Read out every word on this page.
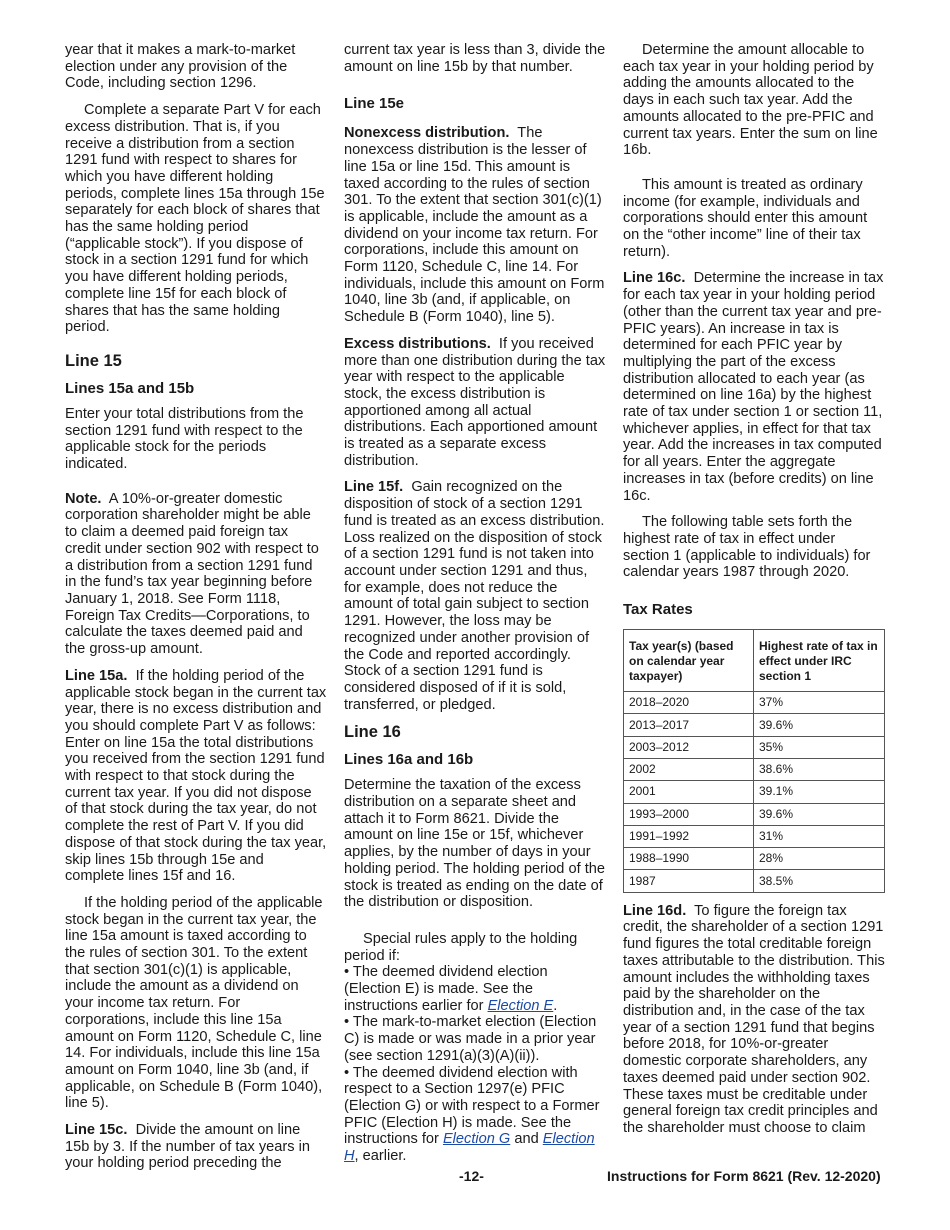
year that it makes a mark-to-market election under any provision of the Code, including section 1296.

Complete a separate Part V for each excess distribution. That is, if you receive a distribution from a section 1291 fund with respect to shares for which you have different holding periods, complete lines 15a through 15e separately for each block of shares that has the same holding period (“applicable stock”). If you dispose of stock in a section 1291 fund for which you have different holding periods, complete line 15f for each block of shares that has the same holding period.

Line 15
Lines 15a and 15b

Enter your total distributions from the section 1291 fund with respect to the applicable stock for the periods indicated.

Note. A 10%-or-greater domestic corporation shareholder might be able to claim a deemed paid foreign tax credit under section 902 with respect to a distribution from a section 1291 fund in the fund’s tax year beginning before January 1, 2018. See Form 1118, Foreign Tax Credits—Corporations, to calculate the taxes deemed paid and the gross-up amount.

Line 15a. If the holding period of the applicable stock began in the current tax year, there is no excess distribution and you should complete Part V as follows: Enter on line 15a the total distributions you received from the section 1291 fund with respect to that stock during the current tax year. If you did not dispose of that stock during the tax year, do not complete the rest of Part V. If you did dispose of that stock during the tax year, skip lines 15b through 15e and complete lines 15f and 16.

If the holding period of the applicable stock began in the current tax year, the line 15a amount is taxed according to the rules of section 301. To the extent that section 301(c)(1) is applicable, include the amount as a dividend on your income tax return. For corporations, include this line 15a amount on Form 1120, Schedule C, line 14. For individuals, include this line 15a amount on Form 1040, line 3b (and, if applicable, on Schedule B (Form 1040), line 5).

Line 15c. Divide the amount on line 15b by 3. If the number of tax years in your holding period preceding the

current tax year is less than 3, divide the amount on line 15b by that number.

Line 15e

Nonexcess distribution. The nonexcess distribution is the lesser of line 15a or line 15d. This amount is taxed according to the rules of section 301. To the extent that section 301(c)(1) is applicable, include the amount as a dividend on your income tax return. For corporations, include this amount on Form 1120, Schedule C, line 14. For individuals, include this amount on Form 1040, line 3b (and, if applicable, on Schedule B (Form 1040), line 5).

Excess distributions. If you received more than one distribution during the tax year with respect to the applicable stock, the excess distribution is apportioned among all actual distributions. Each apportioned amount is treated as a separate excess distribution.

Line 15f. Gain recognized on the disposition of stock of a section 1291 fund is treated as an excess distribution. Loss realized on the disposition of stock of a section 1291 fund is not taken into account under section 1291 and thus, for example, does not reduce the amount of total gain subject to section 1291. However, the loss may be recognized under another provision of the Code and reported accordingly. Stock of a section 1291 fund is considered disposed of if it is sold, transferred, or pledged.

Line 16
Lines 16a and 16b

Determine the taxation of the excess distribution on a separate sheet and attach it to Form 8621. Divide the amount on line 15e or 15f, whichever applies, by the number of days in your holding period. The holding period of the stock is treated as ending on the date of the distribution or disposition.

Special rules apply to the holding period if:

• The deemed dividend election (Election E) is made. See the instructions earlier for Election E.

• The mark-to-market election (Election C) is made or was made in a prior year (see section 1291(a)(3)(A)(ii)).

• The deemed dividend election with respect to a Section 1297(e) PFIC (Election G) or with respect to a Former PFIC (Election H) is made. See the instructions for Election G and Election H, earlier.

Determine the amount allocable to each tax year in your holding period by adding the amounts allocated to the days in each such tax year. Add the amounts allocated to the pre-PFIC and current tax years. Enter the sum on line 16b.

This amount is treated as ordinary income (for example, individuals and corporations should enter this amount on the “other income” line of their tax return).

Line 16c. Determine the increase in tax for each tax year in your holding period (other than the current tax year and pre-PFIC years). An increase in tax is determined for each PFIC year by multiplying the part of the excess distribution allocated to each year (as determined on line 16a) by the highest rate of tax under section 1 or section 11, whichever applies, in effect for that tax year. Add the increases in tax computed for all years. Enter the aggregate increases in tax (before credits) on line 16c.

The following table sets forth the highest rate of tax in effect under section 1 (applicable to individuals) for calendar years 1987 through 2020.

Tax Rates
Tax year(s) (based on calendar year taxpayer)	Highest rate of tax in effect under IRC section 1
2018–2020	37%
2013–2017	39.6%
2003–2012	35%
2002	38.6%
2001	39.1%
1993–2000	39.6%
1991–1992	31%
1988–1990	28%
1987	38.5%

Line 16d. To figure the foreign tax credit, the shareholder of a section 1291 fund figures the total creditable foreign taxes attributable to the distribution. This amount includes the withholding taxes paid by the shareholder on the distribution and, in the case of the tax year of a section 1291 fund that begins before 2018, for 10%-or-greater domestic corporate shareholders, any taxes deemed paid under section 902. These taxes must be creditable under general foreign tax credit principles and the shareholder must choose to claim

-12-	Instructions for Form 8621 (Rev. 12-2020)
